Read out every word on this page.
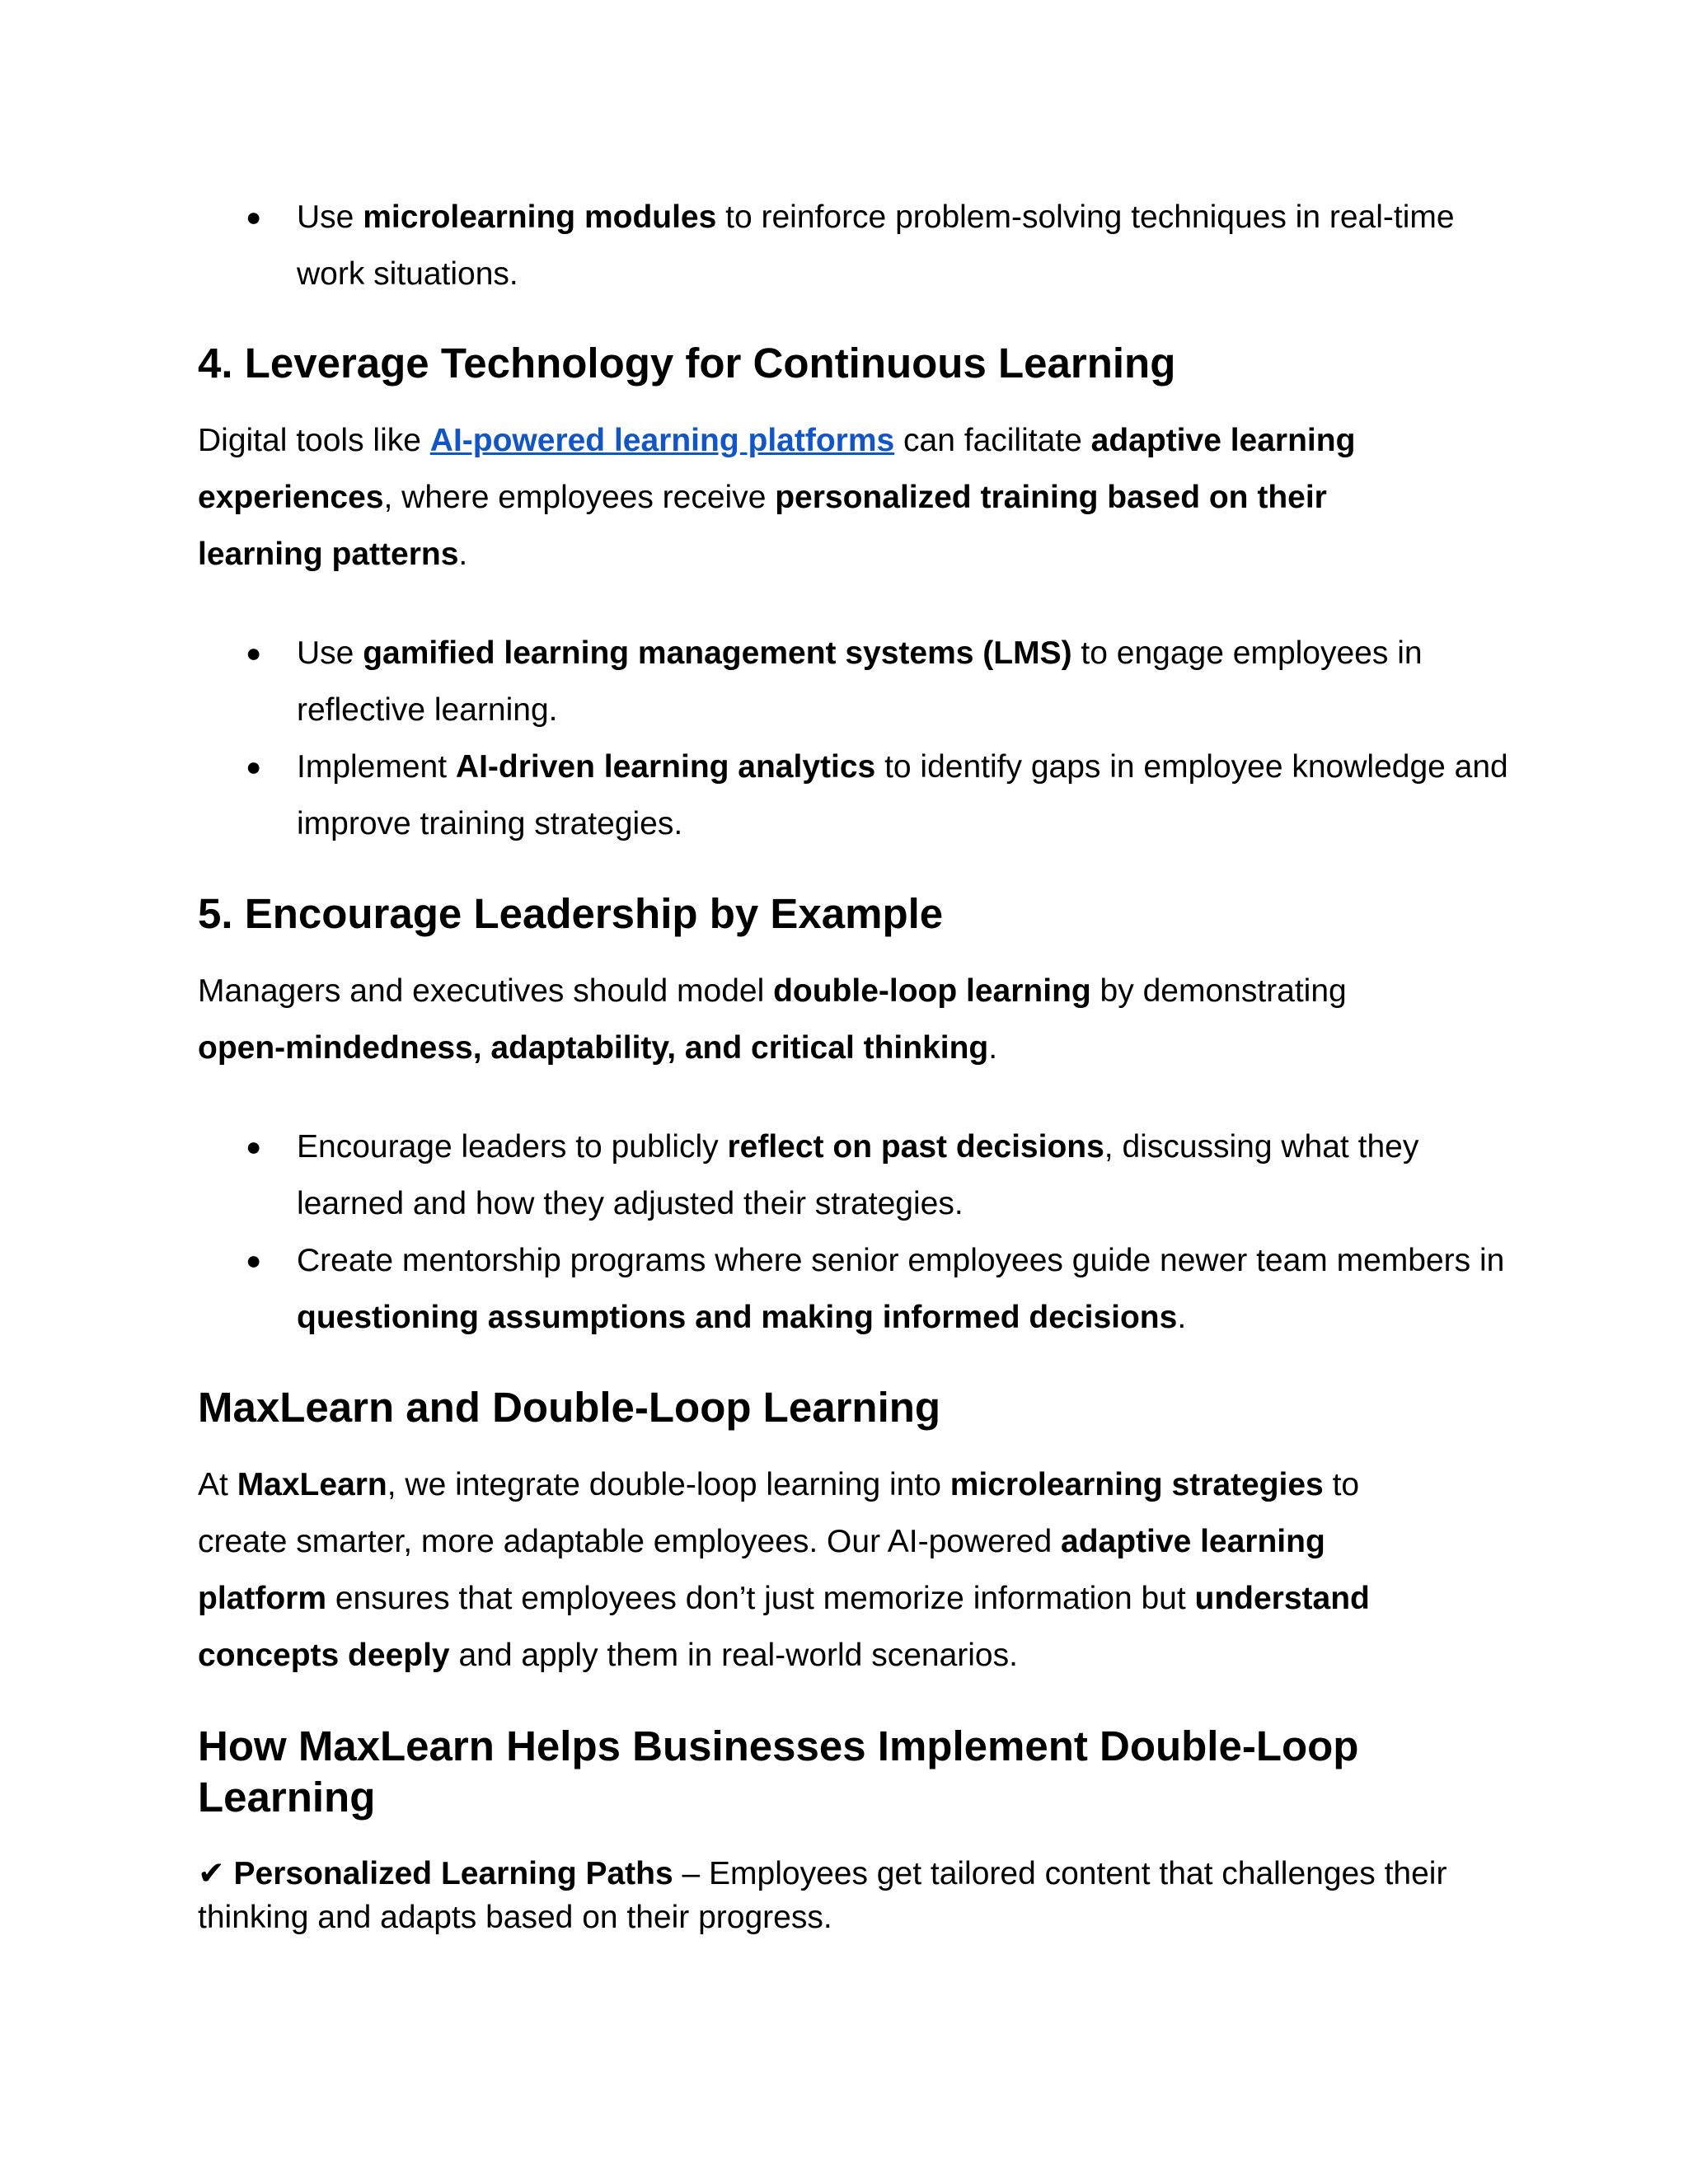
● Use microlearning modules to reinforce problem-solving techniques in real-time work situations.
4. Leverage Technology for Continuous Learning

Digital tools like AI-powered learning platforms can facilitate adaptive learning experiences, where employees receive personalized training based on their learning patterns.

● Use gamified learning management systems (LMS) to engage employees in reflective learning.
● Implement AI-driven learning analytics to identify gaps in employee knowledge and improve training strategies.
5. Encourage Leadership by Example

Managers and executives should model double-loop learning by demonstrating open-mindedness, adaptability, and critical thinking.

● Encourage leaders to publicly reflect on past decisions, discussing what they learned and how they adjusted their strategies.
● Create mentorship programs where senior employees guide newer team members in questioning assumptions and making informed decisions.
MaxLearn and Double-Loop Learning

At MaxLearn, we integrate double-loop learning into microlearning strategies to create smarter, more adaptable employees. Our AI-powered adaptive learning platform ensures that employees don’t just memorize information but understand concepts deeply and apply them in real-world scenarios.

How MaxLearn Helps Businesses Implement Double-Loop Learning

✔ Personalized Learning Paths – Employees get tailored content that challenges their thinking and adapts based on their progress.
